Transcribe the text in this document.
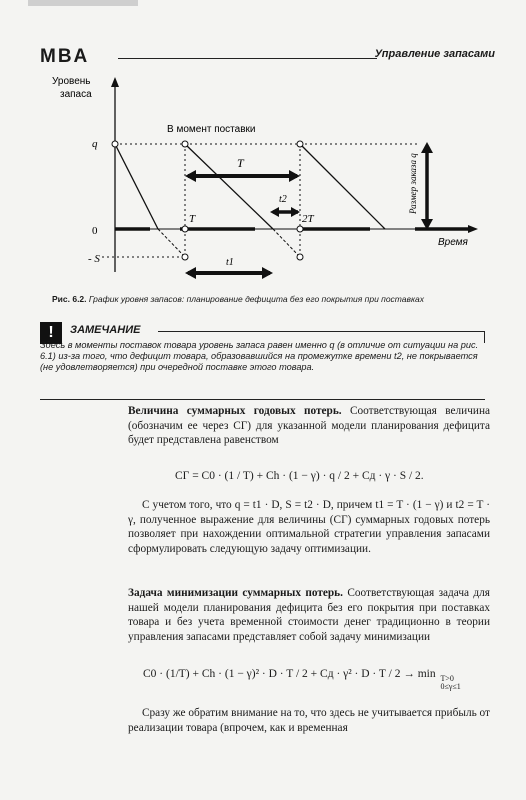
MBA	Управление запасами
Уровень запаса
Время
q
0
- S
В момент поставки
T
T	2T
t2
t1
Размер заказа q
Рис. 6.2. График уровня запасов: планирование дефицита без его покрытия при поставках
!	ЗАМЕЧАНИЕ
Здесь в моменты поставок товара уровень запаса равен именно q (в отличие от ситуации на рис. 6.1) из-за того, что дефицит товара, образовавшийся на промежутке времени t2, не покрывается (не удовлетворяется) при очередной поставке этого товара.
Величина суммарных годовых потерь. Соответствующая величина (обозначим ее через CГ) для указанной модели планирования дефицита будет представлена равенством
CГ = C0 · (1 / T) + Ch · (1 − γ) · q / 2 + Cд · γ · S / 2.
С учетом того, что q = t1 · D, S = t2 · D, причем t1 = T · (1 − γ) и t2 = T · γ, полученное выражение для величины (CГ) суммарных годовых потерь позволяет при нахождении оптимальной стратегии управления запасами сформулировать следующую задачу оптимизации.
Задача минимизации суммарных потерь. Соответствующая задача для нашей модели планирования дефицита без его покрытия при поставках товара и без учета временной стоимости денег традиционно в теории управления запасами представляет собой задачу минимизации
C0 · (1/T) + Ch · (1 − γ)² · D · T / 2 + Cд · γ² · D · T / 2 → min T>0
0≤γ≤1
Сразу же обратим внимание на то, что здесь не учитывается прибыль от реализации товара (впрочем, как и временная
